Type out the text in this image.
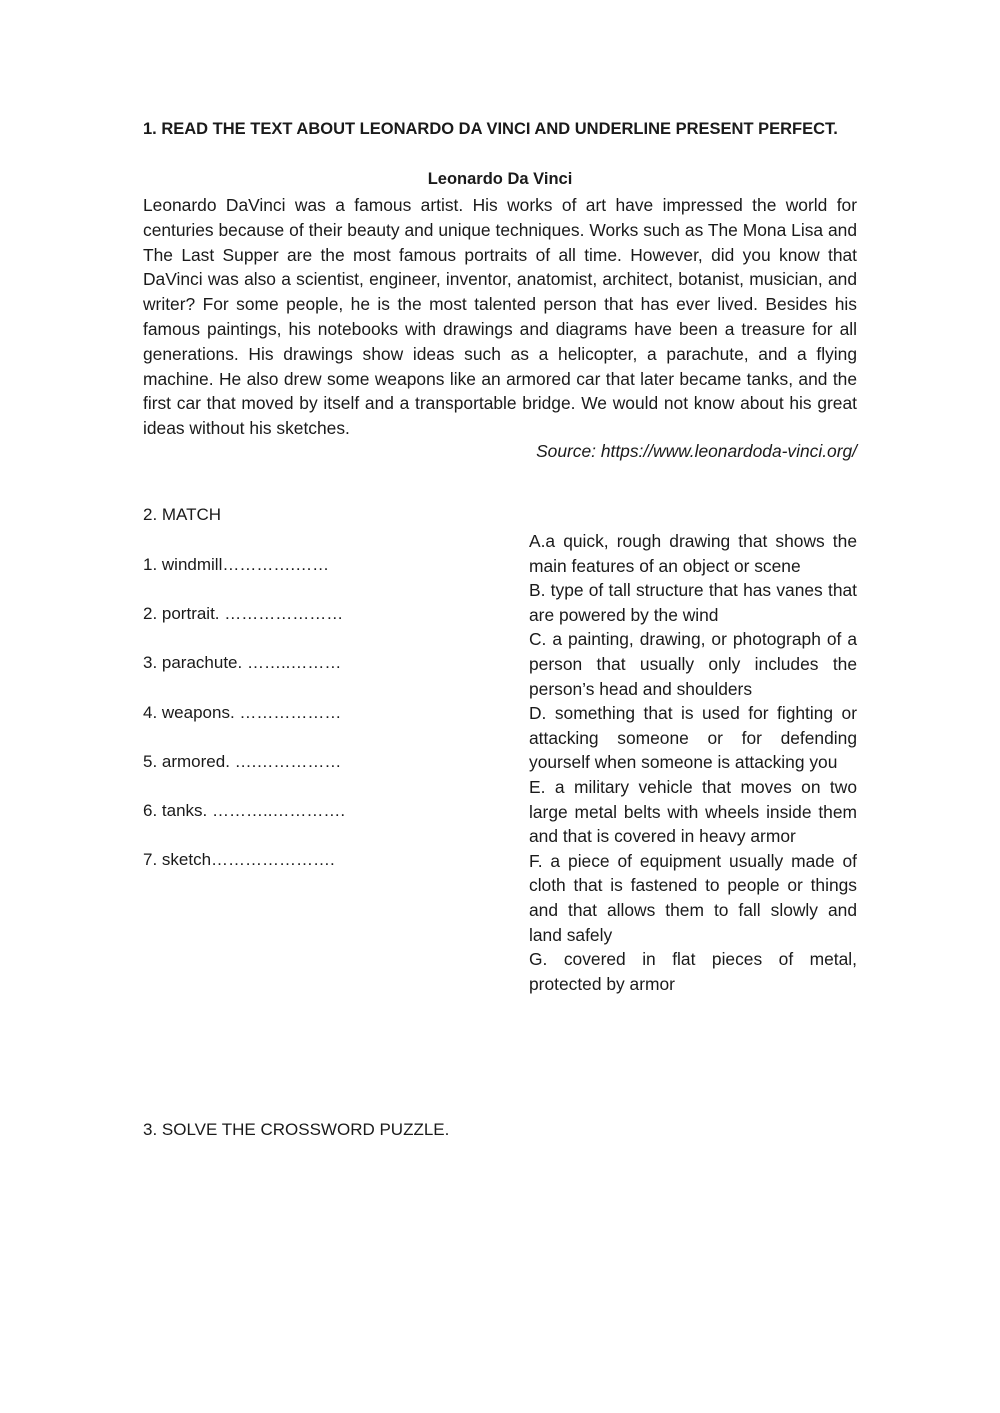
1. READ THE TEXT ABOUT LEONARDO DA VINCI AND UNDERLINE PRESENT PERFECT.
Leonardo Da Vinci

Leonardo DaVinci was a famous artist. His works of art have impressed the world for centuries because of their beauty and unique techniques. Works such as The Mona Lisa and The Last Supper are the most famous portraits of all time. However, did you know that DaVinci was also a scientist, engineer, inventor, anatomist, architect, botanist, musician, and writer? For some people, he is the most talented person that has ever lived. Besides his famous paintings, his notebooks with drawings and diagrams have been a treasure for all generations. His drawings show ideas such as a helicopter, a parachute, and a flying machine. He also drew some weapons like an armored car that later became tanks, and the first car that moved by itself and a transportable bridge. We would not know about his great ideas without his sketches.

Source: https://www.leonardoda-vinci.org/
2. MATCH
1. windmill………….……
2. portrait. …………………
3. parachute. ……..………
4. weapons. ………………
5. armored. ….……………
6. tanks. ………..………….
7. sketch………………….
A.a quick, rough drawing that shows the main features of an object or scene
B. type of tall structure that has vanes that are powered by the wind
C. a painting, drawing, or photograph of a person that usually only includes the person’s head and shoulders
D. something that is used for fighting or attacking someone or for defending yourself when someone is attacking you
E. a military vehicle that moves on two large metal belts with wheels inside them and that is covered in heavy armor
F. a piece of equipment usually made of cloth that is fastened to people or things and that allows them to fall slowly and land safely
G. covered in flat pieces of metal, protected by armor
3. SOLVE THE CROSSWORD PUZZLE.
